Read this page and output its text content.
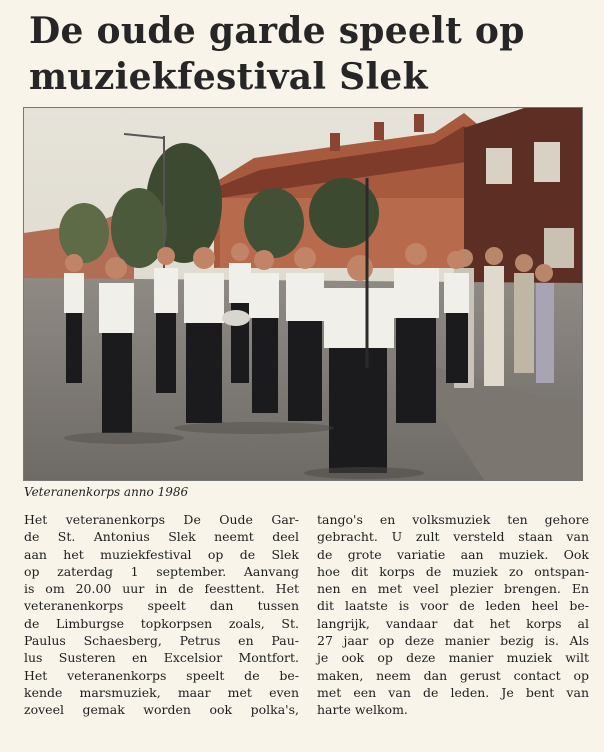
De oude garde speelt op
muziekfestival Slek
Veteranenkorps anno 1986
Het veteranenkorps De Oude Gar-
de St. Antonius Slek neemt deel
aan het muziekfestival op de Slek
op zaterdag 1 september. Aanvang
is om 20.00 uur in de feesttent. Het
veteranenkorps speelt dan tussen
de Limburgse topkorpsen zoals, St.
Paulus Schaesberg, Petrus en Pau-
lus Susteren en Excelsior Montfort.
Het veteranenkorps speelt de be-
kende marsmuziek, maar met even
zoveel gemak worden ook polka's,
tango's en volksmuziek ten gehore
gebracht. U zult versteld staan van
de grote variatie aan muziek. Ook
hoe dit korps de muziek zo ontspan-
nen en met veel plezier brengen. En
dit laatste is voor de leden heel be-
langrijk, vandaar dat het korps al
27 jaar op deze manier bezig is. Als
je ook op deze manier muziek wilt
maken, neem dan gerust contact op
met een van de leden. Je bent van
harte welkom.
